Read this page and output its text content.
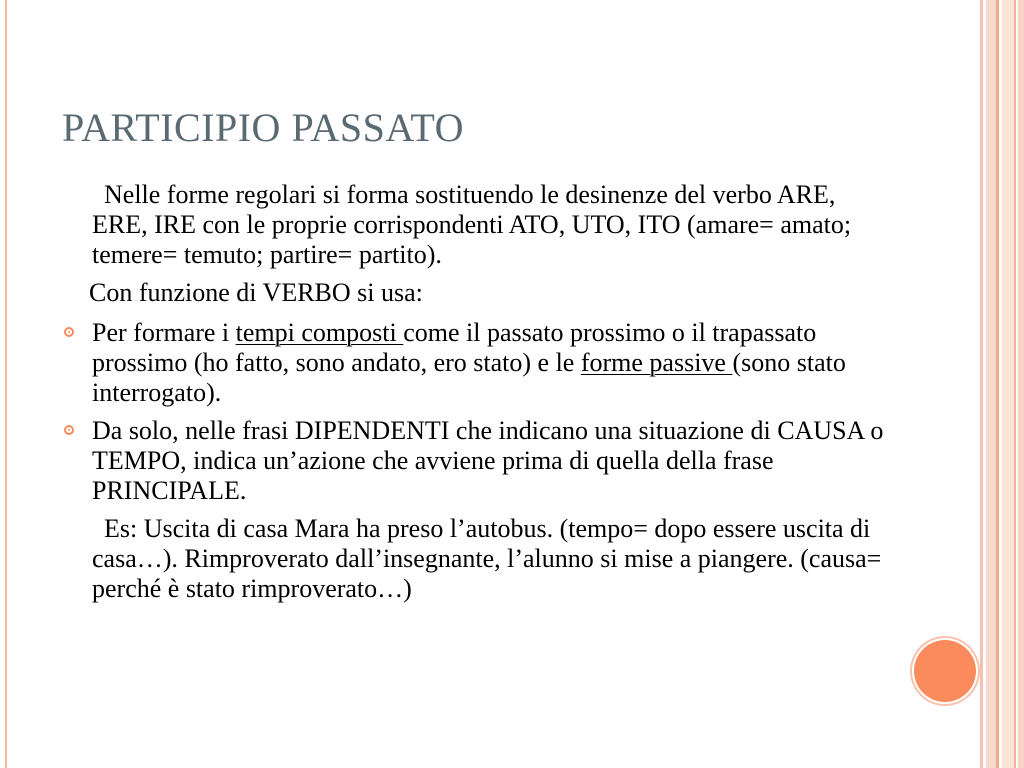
PARTICIPIO PASSATO

Nelle forme regolari si forma sostituendo le desinenze del verbo ARE, ERE, IRE con le proprie corrispondenti ATO, UTO, ITO (amare= amato; temere= temuto; partire= partito).

Con funzione di VERBO si usa:

Per formare i tempi composti come il passato prossimo o il trapassato prossimo (ho fatto, sono andato, ero stato) e le forme passive (sono stato interrogato).
Da solo, nelle frasi DIPENDENTI che indicano una situazione di CAUSA o TEMPO, indica un’azione che avviene prima di quella della frase PRINCIPALE.

Es: Uscita di casa Mara ha preso l’autobus. (tempo= dopo essere uscita di casa…). Rimproverato dall’insegnante, l’alunno si mise a piangere. (causa= perché è stato rimproverato…)
